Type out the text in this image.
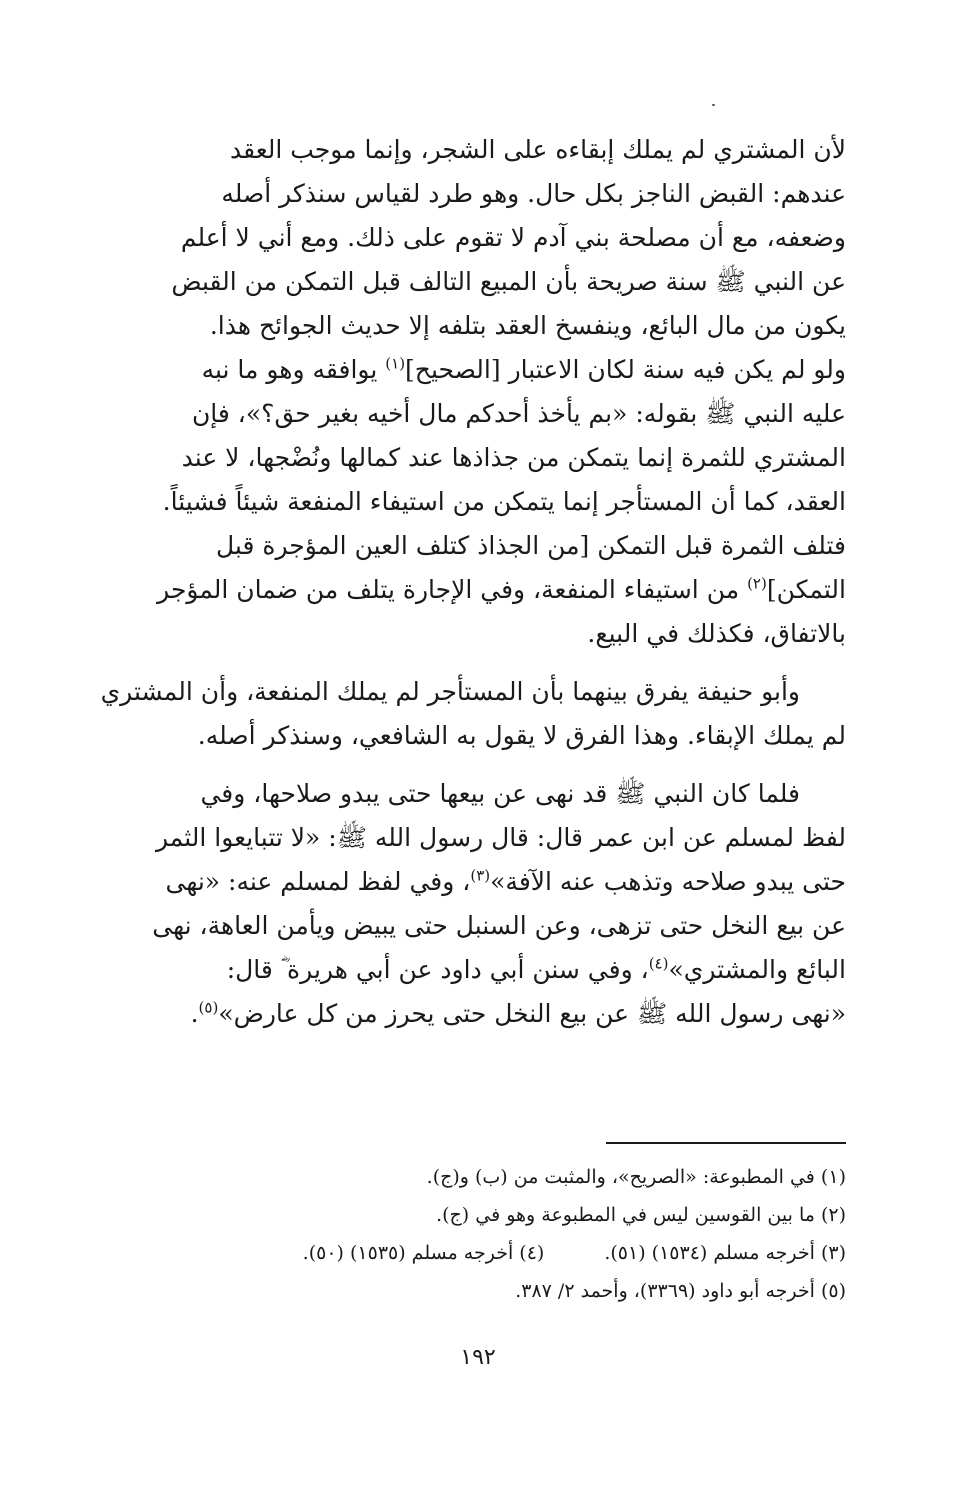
لأن المشتري لم يملك إبقاءه على الشجر، وإنما موجب العقد
عندهم: القبض الناجز بكل حال. وهو طرد لقياس سنذكر أصله
وضعفه، مع أن مصلحة بني آدم لا تقوم على ذلك. ومع أني لا أعلم
عن النبي ﷺ سنة صريحة بأن المبيع التالف قبل التمكن من القبض
يكون من مال البائع، وينفسخ العقد بتلفه إلا حديث الجوائح هذا.
ولو لم يكن فيه سنة لكان الاعتبار [الصحيح]$^{(١)}$ يوافقه وهو ما نبه
عليه النبي ﷺ بقوله: «بم يأخذ أحدكم مال أخيه بغير حق؟»، فإن
المشتري للثمرة إنما يتمكن من جذاذها عند كمالها ونُضْجها، لا عند
العقد، كما أن المستأجر إنما يتمكن من استيفاء المنفعة شيئاً فشيئاً.
فتلف الثمرة قبل التمكن [من الجذاذ كتلف العين المؤجرة قبل
التمكن]$^{(٢)}$ من استيفاء المنفعة، وفي الإجارة يتلف من ضمان المؤجر
بالاتفاق، فكذلك في البيع.
وأبو حنيفة يفرق بينهما بأن المستأجر لم يملك المنفعة، وأن المشتري
لم يملك الإبقاء. وهذا الفرق لا يقول به الشافعي، وسنذكر أصله.
فلما كان النبي ﷺ قد نهى عن بيعها حتى يبدو صلاحها، وفي
لفظ لمسلم عن ابن عمر قال: قال رسول الله ﷺ: «لا تتبايعوا الثمر
حتى يبدو صلاحه وتذهب عنه الآفة»$^{(٣)}$، وفي لفظ لمسلم عنه: «نهى
عن بيع النخل حتى تزهى، وعن السنبل حتى يبيض ويأمن العاهة، نهى
البائع والمشتري»$^{(٤)}$، وفي سنن أبي داود عن أبي هريرة ؓ قال:
«نهى رسول الله ﷺ عن بيع النخل حتى يحرز من كل عارض»$^{(٥)}$.
(١) في المطبوعة: «الصريح»، والمثبت من (ب) و(ج).
(٢) ما بين القوسين ليس في المطبوعة وهو في (ج).
(٣) أخرجه مسلم (١٥٣٤) (٥١).
(٤) أخرجه مسلم (١٥٣٥) (٥٠).
(٥) أخرجه أبو داود (٣٣٦٩)، وأحمد ٢/ ٣٨٧.
١٩٢
